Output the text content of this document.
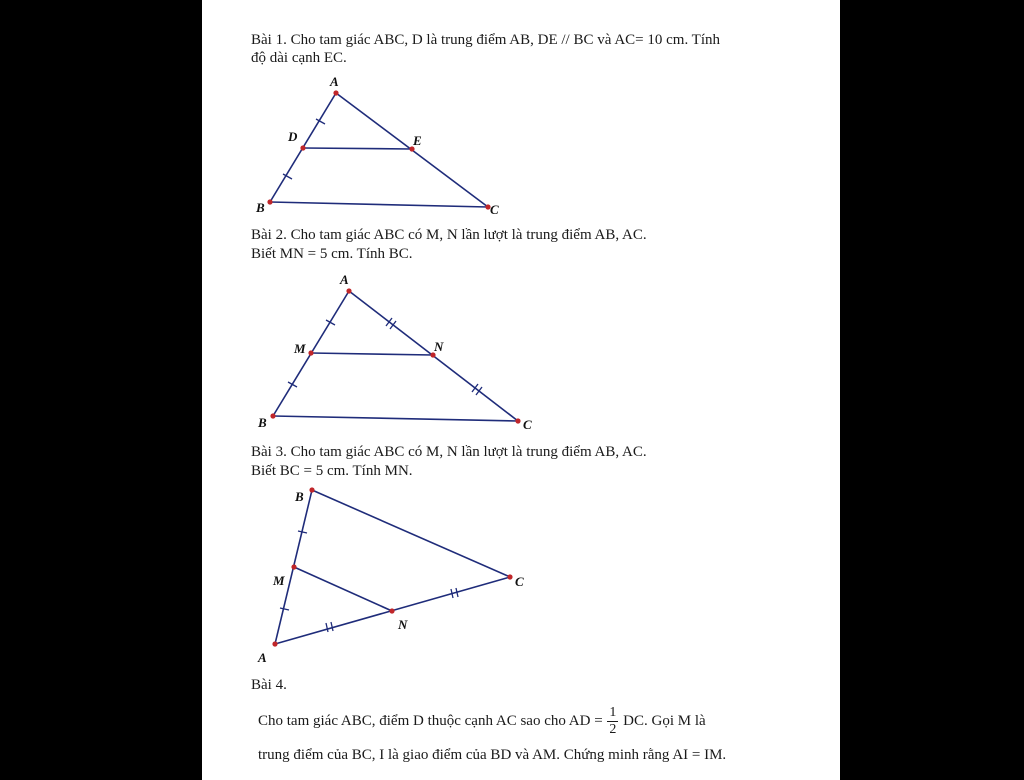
Bài 1. Cho tam giác ABC, D là trung điểm AB, DE // BC và AC= 10 cm. Tính
độ dài cạnh EC.
Bài 2. Cho tam giác ABC có M, N lần lượt là trung điểm AB, AC.
Biết MN = 5 cm. Tính BC.
Bài 3. Cho tam giác ABC có M, N lần lượt là trung điểm AB, AC.
Biết BC = 5 cm. Tính MN.
Bài 4.
Cho tam giác ABC, điểm D thuộc cạnh AC sao cho AD = $\frac{1}{2}$ DC. Gọi M là
trung điểm của BC, I là giao điểm của BD và AM. Chứng minh rằng AI = IM.
A
B	C
D	E
A
B	C
M	N
B
A
C
M
N
